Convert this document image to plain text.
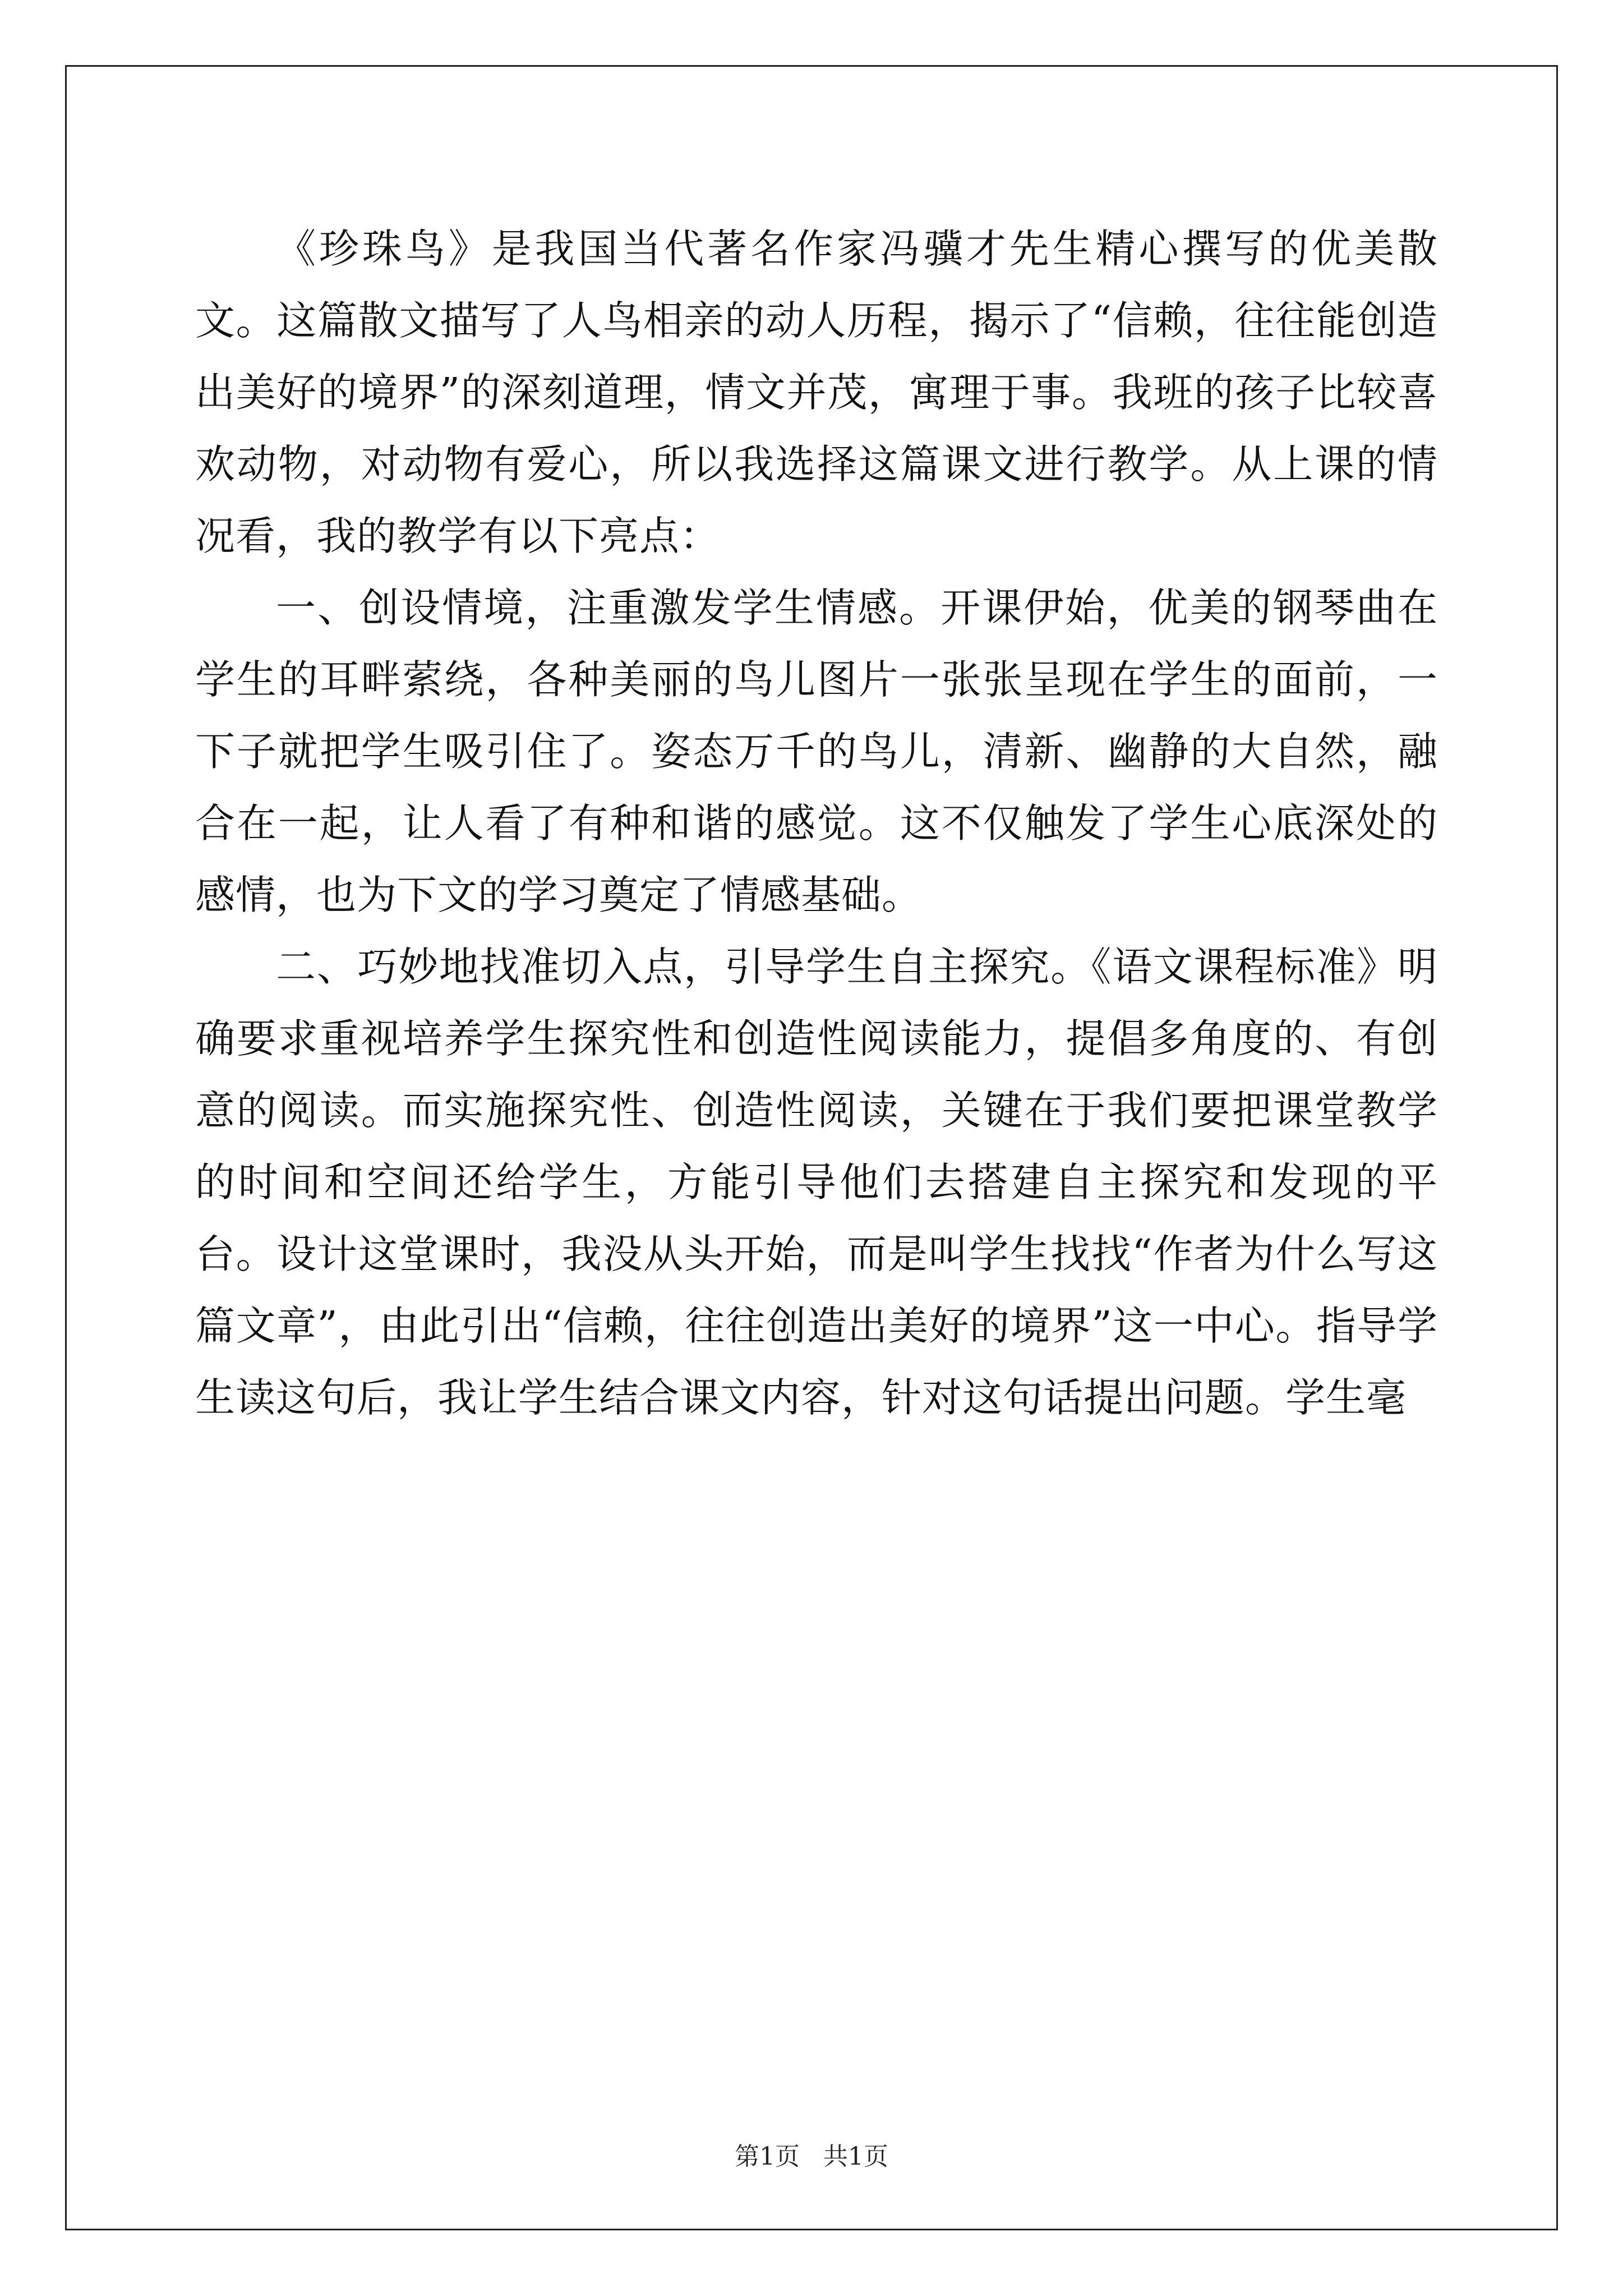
《珍珠鸟》是我国当代著名作家冯骥才先生精心撰写的优美散文。这篇散文描写了人鸟相亲的动人历程，揭示了“信赖，往往能创造出美好的境界”的深刻道理，情文并茂，寓理于事。我班的孩子比较喜欢动物，对动物有爱心，所以我选择这篇课文进行教学。从上课的情况看，我的教学有以下亮点：

一、创设情境，注重激发学生情感。开课伊始，优美的钢琴曲在学生的耳畔萦绕，各种美丽的鸟儿图片一张张呈现在学生的面前，一下子就把学生吸引住了。姿态万千的鸟儿，清新、幽静的大自然，融合在一起，让人看了有种和谐的感觉。这不仅触发了学生心底深处的感情，也为下文的学习奠定了情感基础。

二、巧妙地找准切入点，引导学生自主探究。《语文课程标准》明确要求重视培养学生探究性和创造性阅读能力，提倡多角度的、有创意的阅读。而实施探究性、创造性阅读，关键在于我们要把课堂教学的时间和空间还给学生，方能引导他们去搭建自主探究和发现的平台。设计这堂课时，我没从头开始，而是叫学生找找“作者为什么写这篇文章”，由此引出“信赖，往往创造出美好的境界”这一中心。指导学生读这句后，我让学生结合课文内容，针对这句话提出问题。学生毫

第1页 共1页
